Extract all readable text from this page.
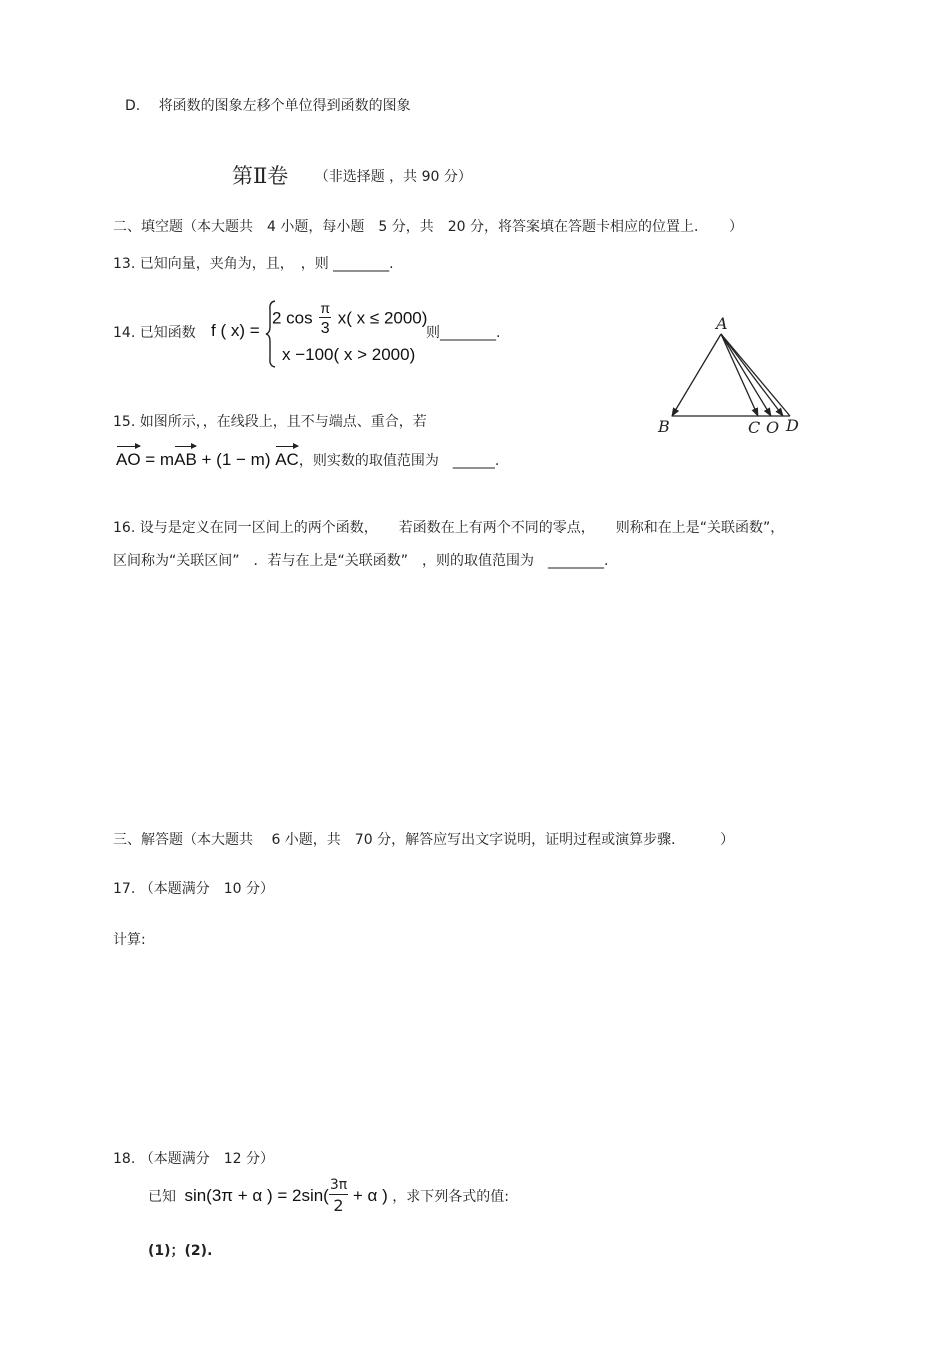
D. 将函数的图象左移个单位得到函数的图象
第Ⅱ卷 （非选择题 ，共 90 分）
二、填空题（本大题共　4 小题，每小题　5 分，共　20 分，将答案填在答题卡相应的位置上．　　）
13. 已知向量，夹角为，且，　，则 ________.
14. 已知函数 f ( x) =
2 $\cos \frac{\pi}{3} x$( x ≤ 2000)
x −100( x > 2000)
则________.	A
B	C O D
15. 如图所示，，在线段上，且不与端点、重合，若
AO = mAB + (1 − m) AC，则实数的取值范围为　______.
16. 设与是定义在同一区间上的两个函数，　　若函数在上有两个不同的零点，　　则称和在上是“关联函数”，
区间称为“关联区间”　．若与在上是“关联函数”　，则的取值范围为　________.
三、解答题（本大题共　 6 小题，共　70 分，解答应写出文字说明，证明过程或演算步骤．　　　）
17. （本题满分　10 分）
计算:
18. （本题满分　12 分）
已知 sin(3π + α ) = $2\sin( \frac{3\pi}{2} + \alpha$ ) ，求下列各式的值:
(1)；(2).
